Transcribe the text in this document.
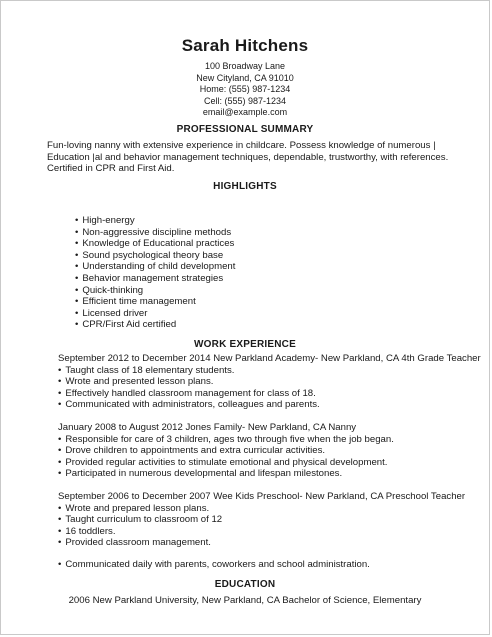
Sarah Hitchens
100 Broadway Lane
New Cityland, CA 91010
Home: (555) 987-1234
Cell: (555) 987-1234
email@example.com
PROFESSIONAL SUMMARY
Fun-loving nanny with extensive experience in childcare. Possess knowledge of numerous | Education |al and behavior management techniques, dependable, trustworthy, with references. Certified in CPR and First Aid.
HIGHLIGHTS
• High-energy
• Non-aggressive discipline methods
• Knowledge of Educational practices
• Sound psychological theory base
• Understanding of child development
• Behavior management strategies
• Quick-thinking
• Efficient time management
• Licensed driver
• CPR/First Aid certified
WORK EXPERIENCE
September 2012 to December 2014 New Parkland Academy- New Parkland, CA 4th Grade Teacher
• Taught class of 18 elementary students.
• Wrote and presented lesson plans.
• Effectively handled classroom management for class of 18.
• Communicated with administrators, colleagues and parents.
January 2008 to August 2012 Jones Family- New Parkland, CA Nanny
• Responsible for care of 3 children, ages two through five when the job began.
• Drove children to appointments and extra curricular activities.
• Provided regular activities to stimulate emotional and physical development.
• Participated in numerous developmental and lifespan milestones.
September 2006 to December 2007 Wee Kids Preschool- New Parkland, CA Preschool Teacher
• Wrote and prepared lesson plans.
• Taught curriculum to classroom of 12
• 16 toddlers.
• Provided classroom management.
• Communicated daily with parents, coworkers and school administration.
EDUCATION
2006 New Parkland University, New Parkland, CA Bachelor of Science, Elementary
